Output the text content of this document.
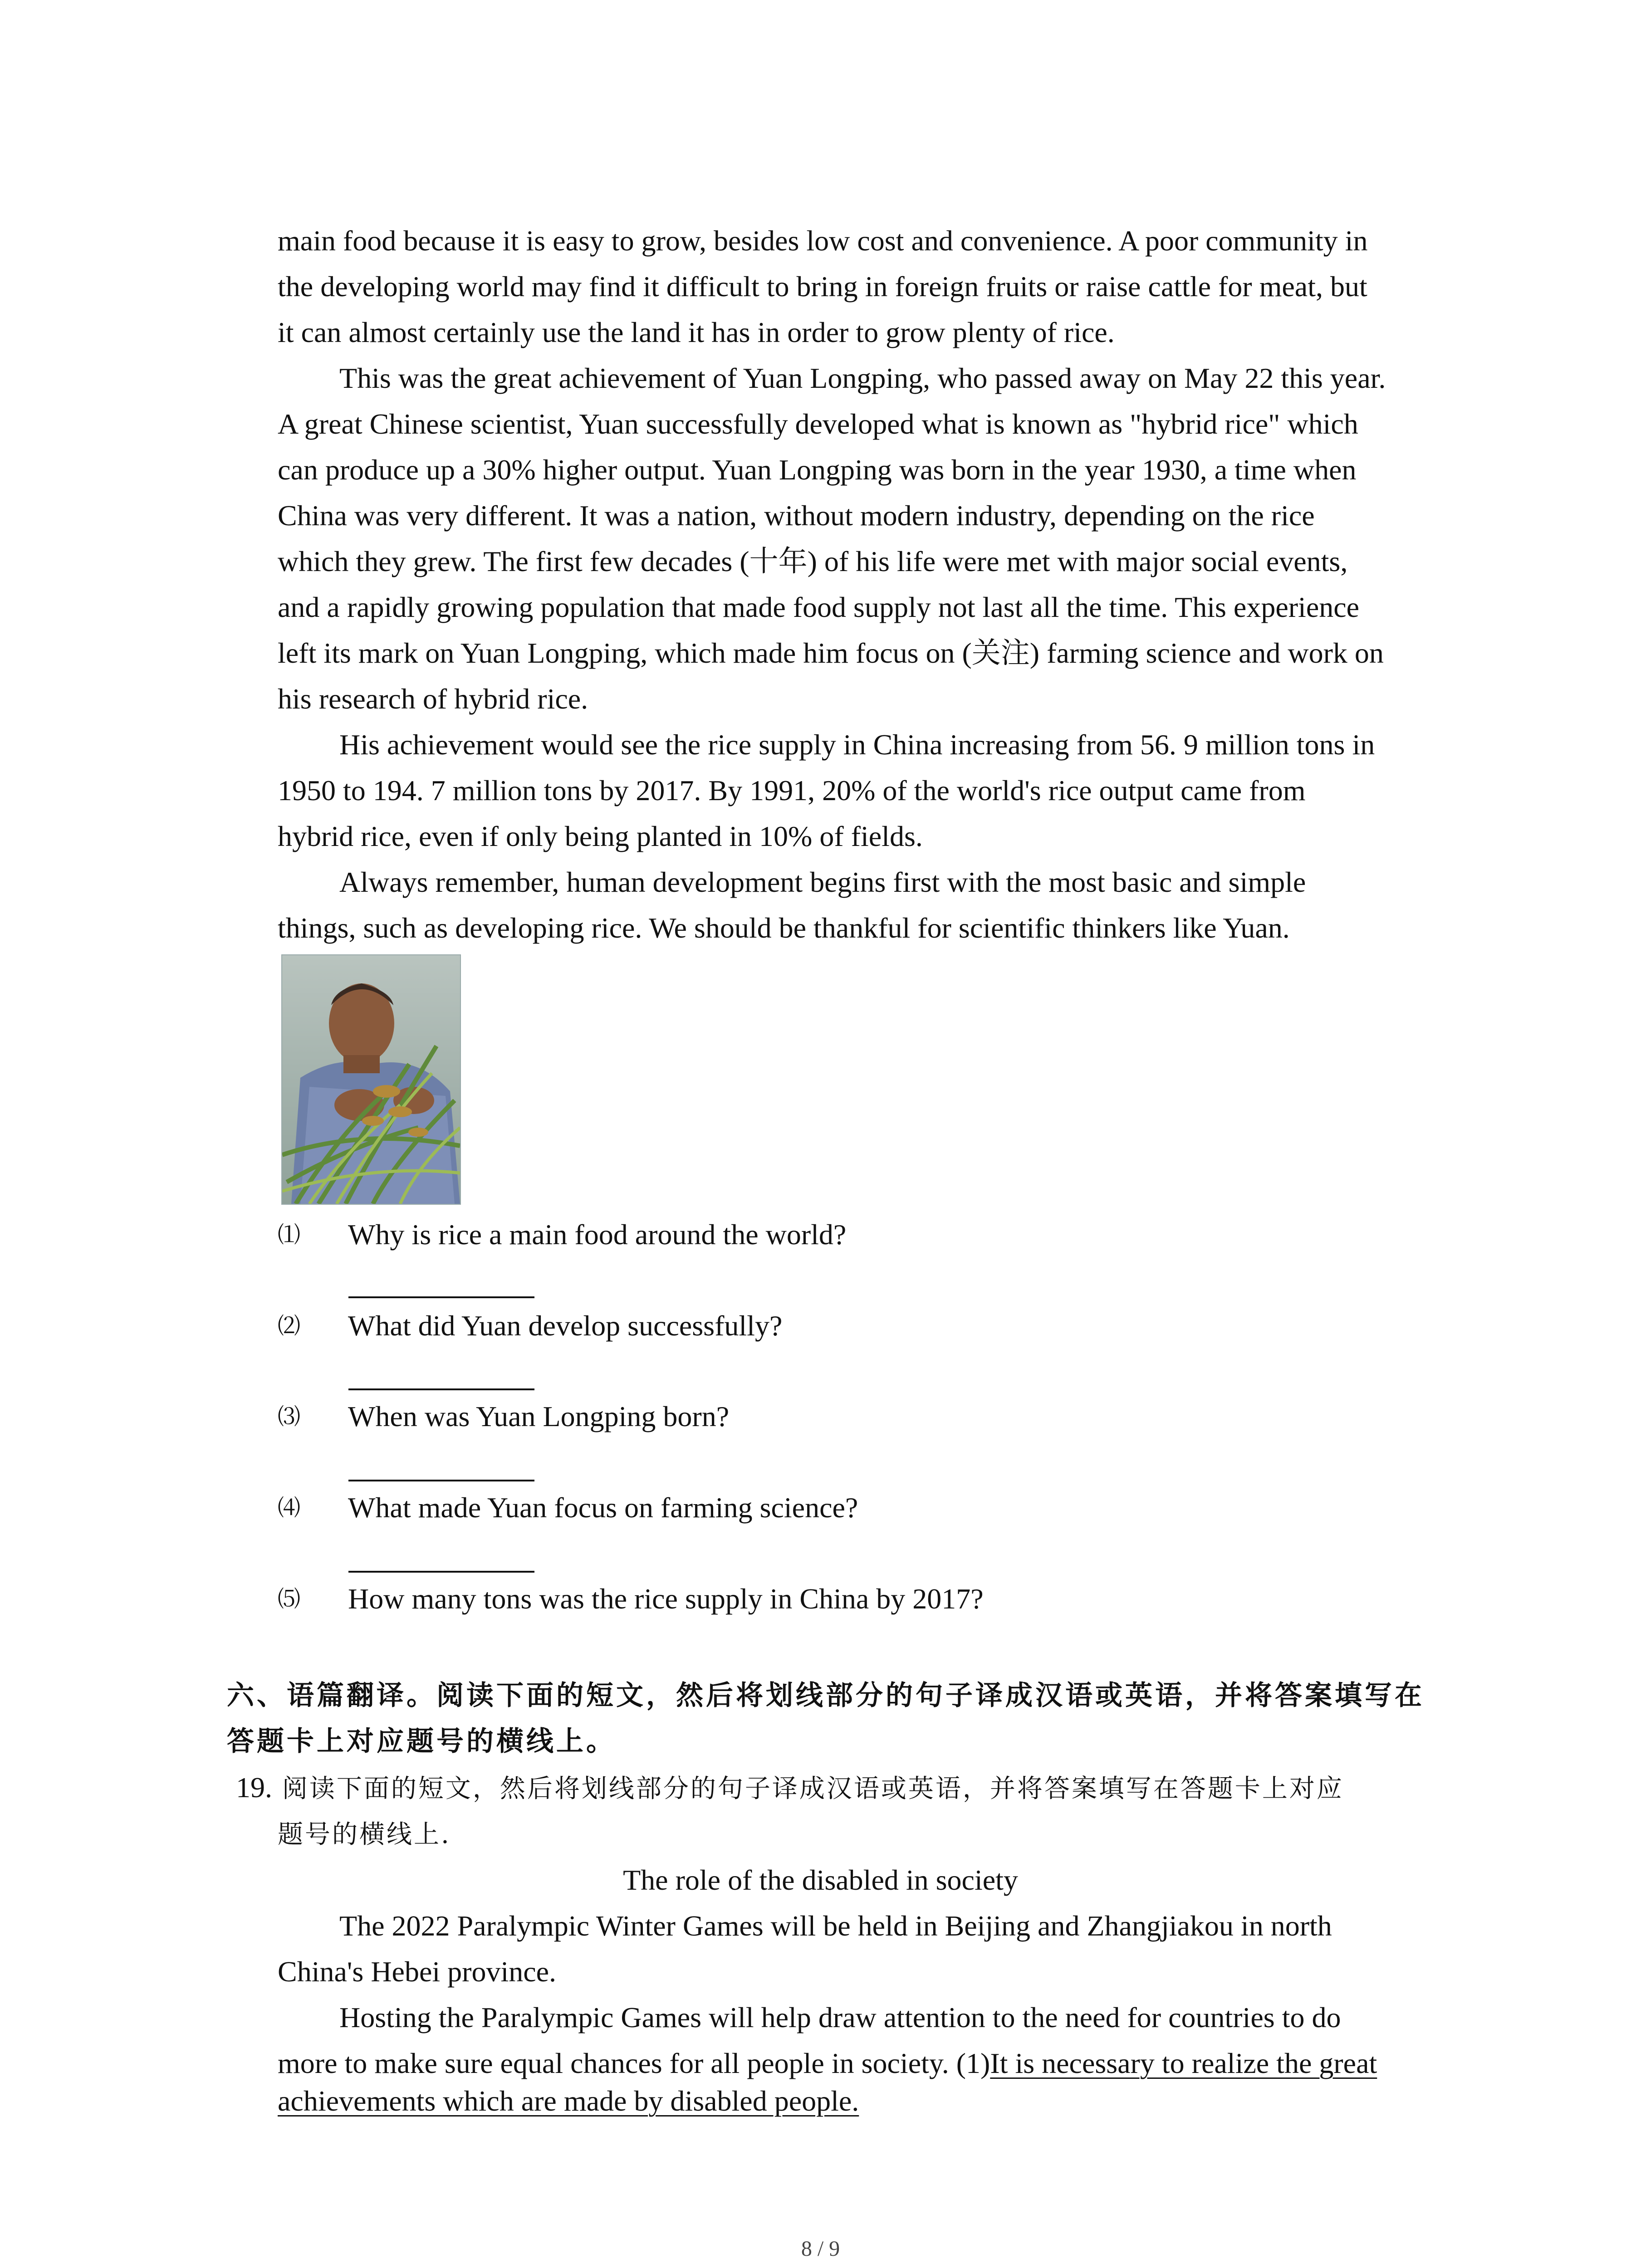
main food because it is easy to grow, besides low cost and convenience. A poor community in

the developing world may find it difficult to bring in foreign fruits or raise cattle for meat, but

it can almost certainly use the land it has in order to grow plenty of rice.

This was the great achievement of Yuan Longping, who passed away on May 22 this year.

A great Chinese scientist, Yuan successfully developed what is known as "hybrid rice" which

can produce up a 30% higher output. Yuan Longping was born in the year 1930, a time when

China was very different. It was a nation, without modern industry, depending on the rice

which they grew. The first few decades (十年) of his life were met with major social events,

and a rapidly growing population that made food supply not last all the time. This experience

left its mark on Yuan Longping, which made him focus on (关注) farming science and work on

his research of hybrid rice.

His achievement would see the rice supply in China increasing from 56. 9 million tons in

1950 to 194. 7 million tons by 2017. By 1991, 20% of the world's rice output came from

hybrid rice, even if only being planted in 10% of fields.

Always remember, human development begins first with the most basic and simple

things, such as developing rice. We should be thankful for scientific thinkers like Yuan.

⑴ Why is rice a main food around the world?
⑵ What did Yuan develop successfully?
⑶ When was Yuan Longping born?
⑷ What made Yuan focus on farming science?
⑸ How many tons was the rice supply in China by 2017?
六、语篇翻译。阅读下面的短文，然后将划线部分的句子译成汉语或英语，并将答案填写在
答题卡上对应题号的横线上。
19. 阅读下面的短文，然后将划线部分的句子译成汉语或英语，并将答案填写在答题卡上对应
题号的横线上.
The role of the disabled in society

The 2022 Paralympic Winter Games will be held in Beijing and Zhangjiakou in north

China's Hebei province.

Hosting the Paralympic Games will help draw attention to the need for countries to do

more to make sure equal chances for all people in society. (1)It is necessary to realize the great

achievements which are made by disabled people.

8 / 9
